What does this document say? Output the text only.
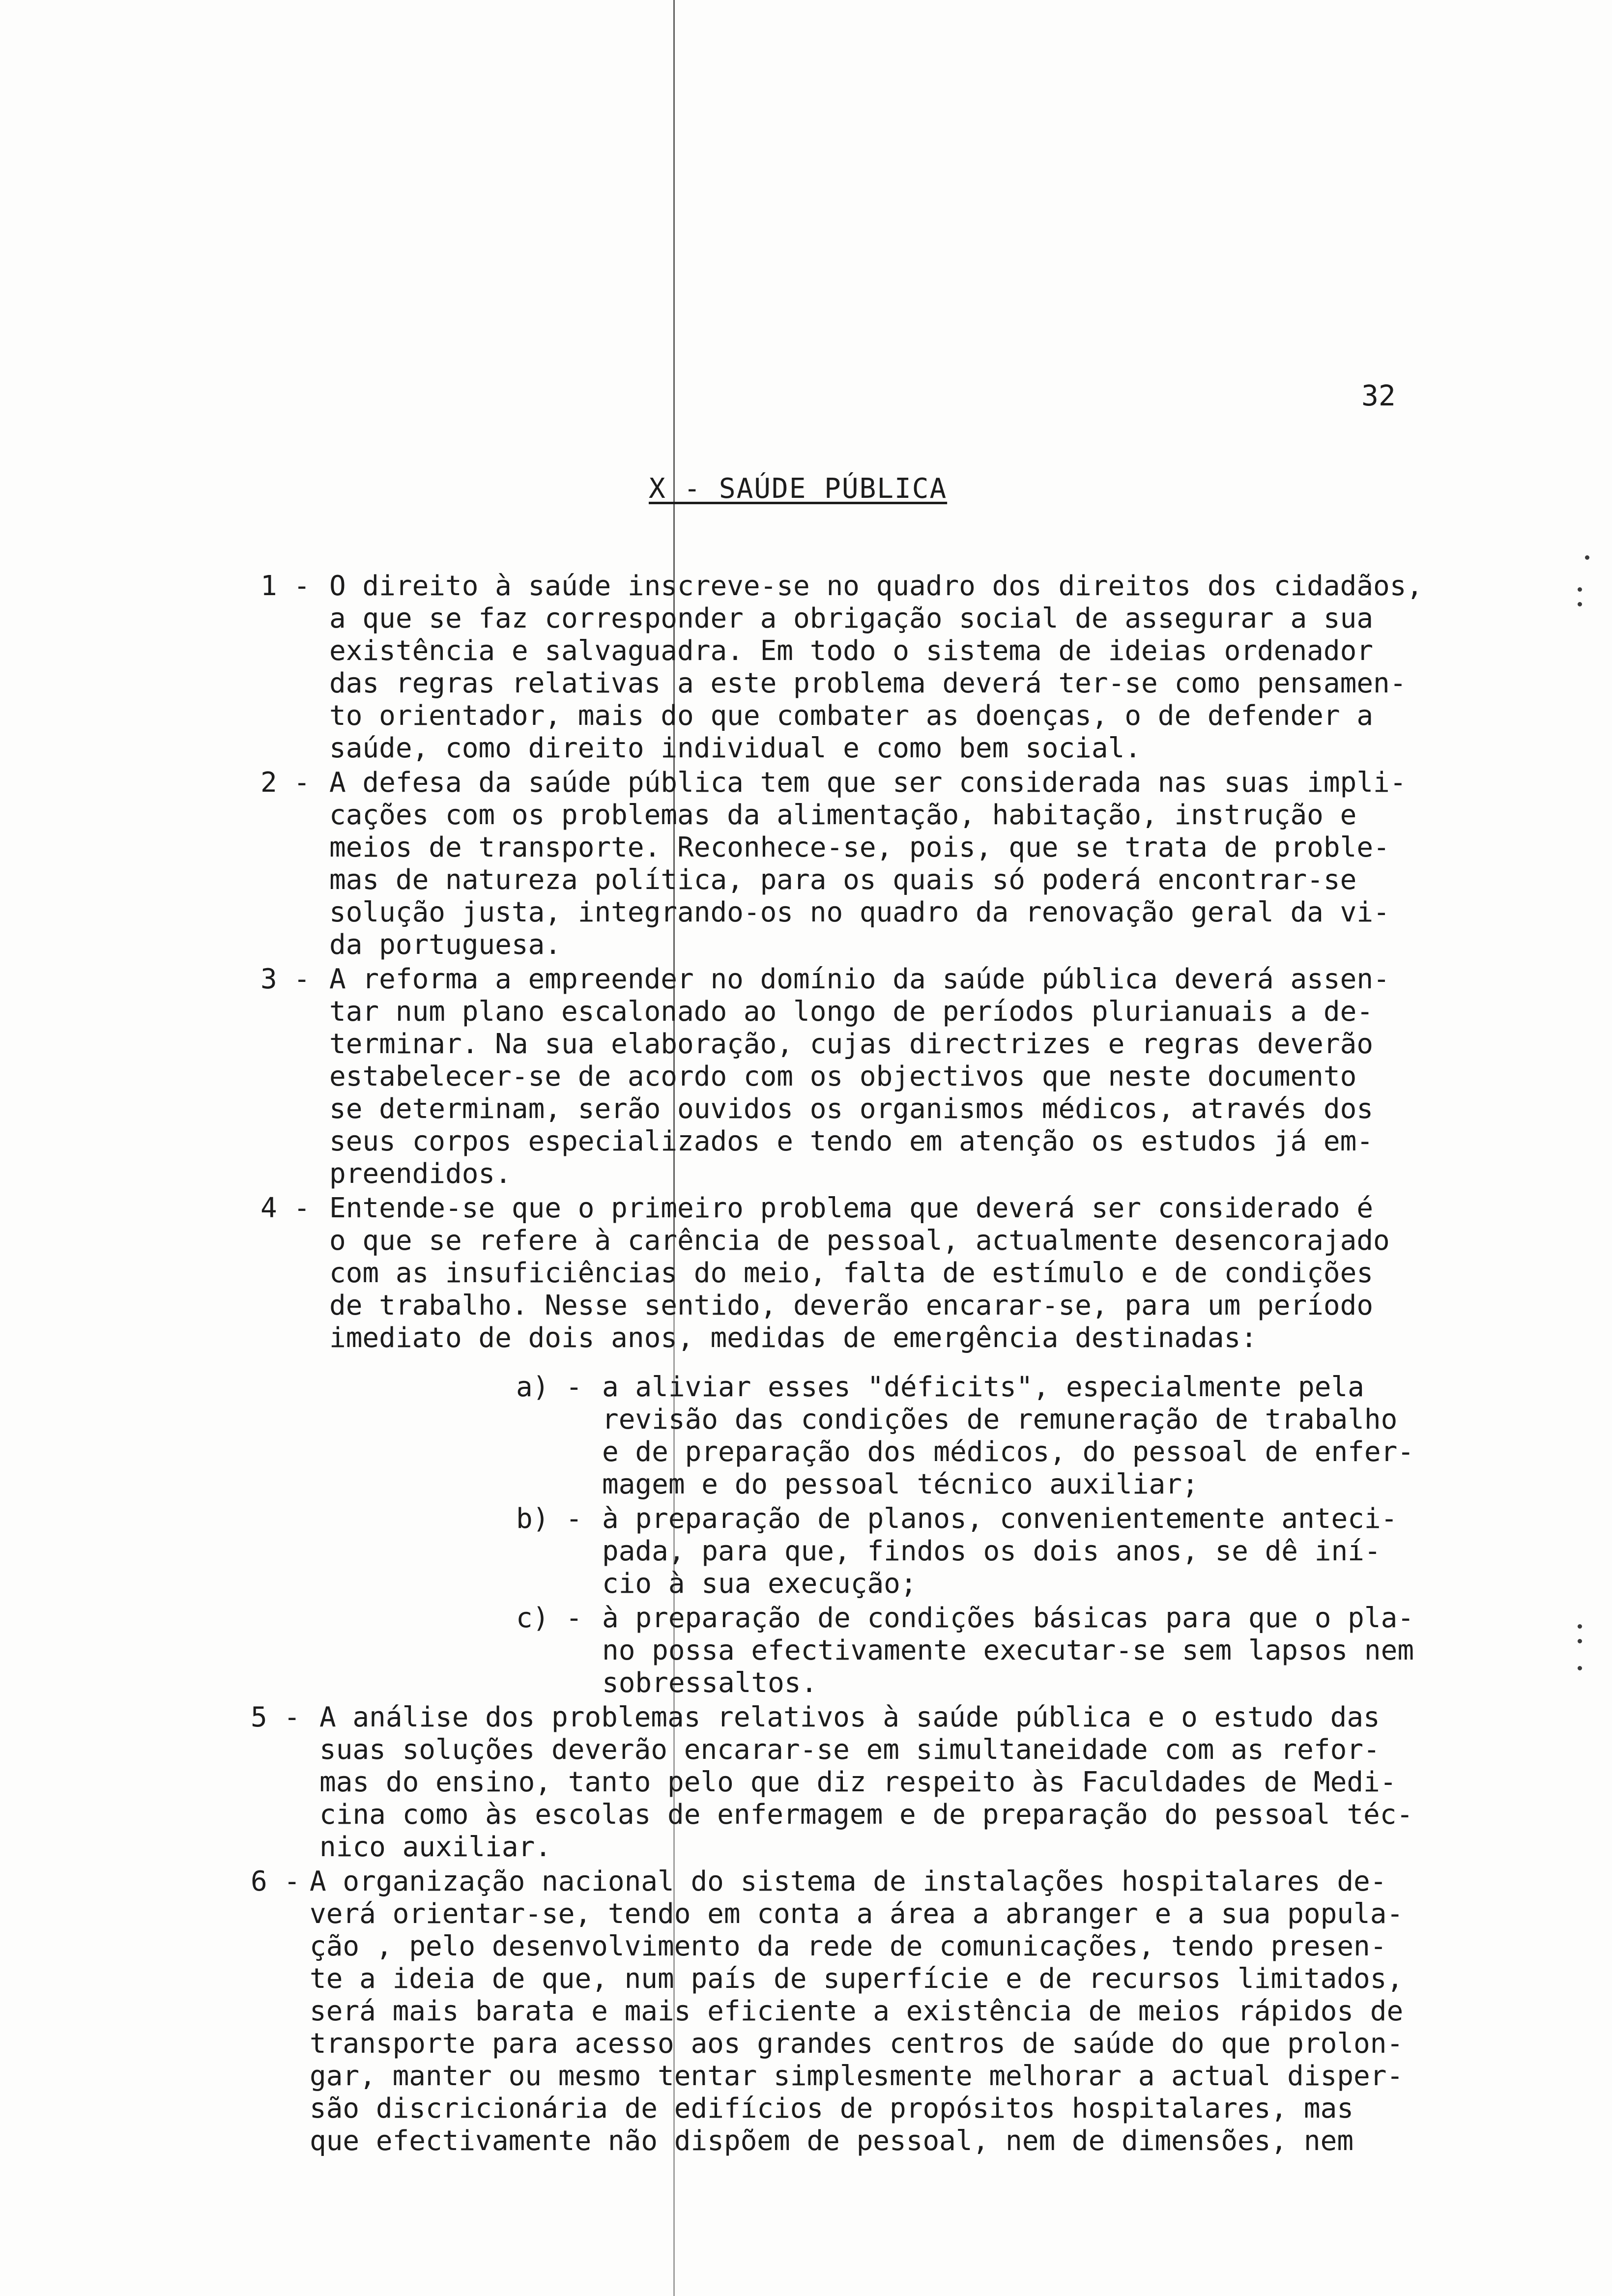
32
X - SAÚDE PÚBLICA
1 - O direito à saúde inscreve-se no quadro dos direitos dos cidadãos,
a que se faz corresponder a obrigação social de assegurar a sua
existência e salvaguadra. Em todo o sistema de ideias ordenador
das regras relativas a este problema deverá ter-se como pensamen-
to orientador, mais do que combater as doenças, o de defender a
saúde, como direito individual e como bem social.
2 - A defesa da saúde pública tem que ser considerada nas suas impli-
cações com os problemas da alimentação, habitação, instrução e
meios de transporte. Reconhece-se, pois, que se trata de proble-
mas de natureza política, para os quais só poderá encontrar-se
solução justa, integrando-os no quadro da renovação geral da vi-
da portuguesa.
3 - A reforma a empreender no domínio da saúde pública deverá assen-
tar num plano escalonado ao longo de períodos plurianuais a de-
terminar. Na sua elaboração, cujas directrizes e regras deverão
estabelecer-se de acordo com os objectivos que neste documento
se determinam, serão ouvidos os organismos médicos, através dos
seus corpos especializados e tendo em atenção os estudos já em-
preendidos.
4 - Entende-se que o primeiro problema que deverá ser considerado é
o que se refere à carência de pessoal, actualmente desencorajado
com as insuficiências do meio, falta de estímulo e de condições
de trabalho. Nesse sentido, deverão encarar-se, para um período
imediato de dois anos, medidas de emergência destinadas:
a) - a aliviar esses "déficits", especialmente pela
revisão das condições de remuneração de trabalho
e de preparação dos médicos, do pessoal de enfer-
magem e do pessoal técnico auxiliar;
b) - à preparação de planos, convenientemente anteci-
pada, para que, findos os dois anos, se dê iní-
cio à sua execução;
c) - à preparação de condições básicas para que o pla-
no possa efectivamente executar-se sem lapsos nem
sobressaltos.
5 - A análise dos problemas relativos à saúde pública e o estudo das
suas soluções deverão encarar-se em simultaneidade com as refor-
mas do ensino, tanto pelo que diz respeito às Faculdades de Medi-
cina como às escolas de enfermagem e de preparação do pessoal téc-
nico auxiliar.
6 - A organização nacional do sistema de instalações hospitalares de-
verá orientar-se, tendo em conta a área a abranger e a sua popula-
ção , pelo desenvolvimento da rede de comunicações, tendo presen-
te a ideia de que, num país de superfície e de recursos limitados,
será mais barata e mais eficiente a existência de meios rápidos de
transporte para acesso aos grandes centros de saúde do que prolon-
gar, manter ou mesmo tentar simplesmente melhorar a actual disper-
são discricionária de edifícios de propósitos hospitalares, mas
que efectivamente não dispõem de pessoal, nem de dimensões, nem
